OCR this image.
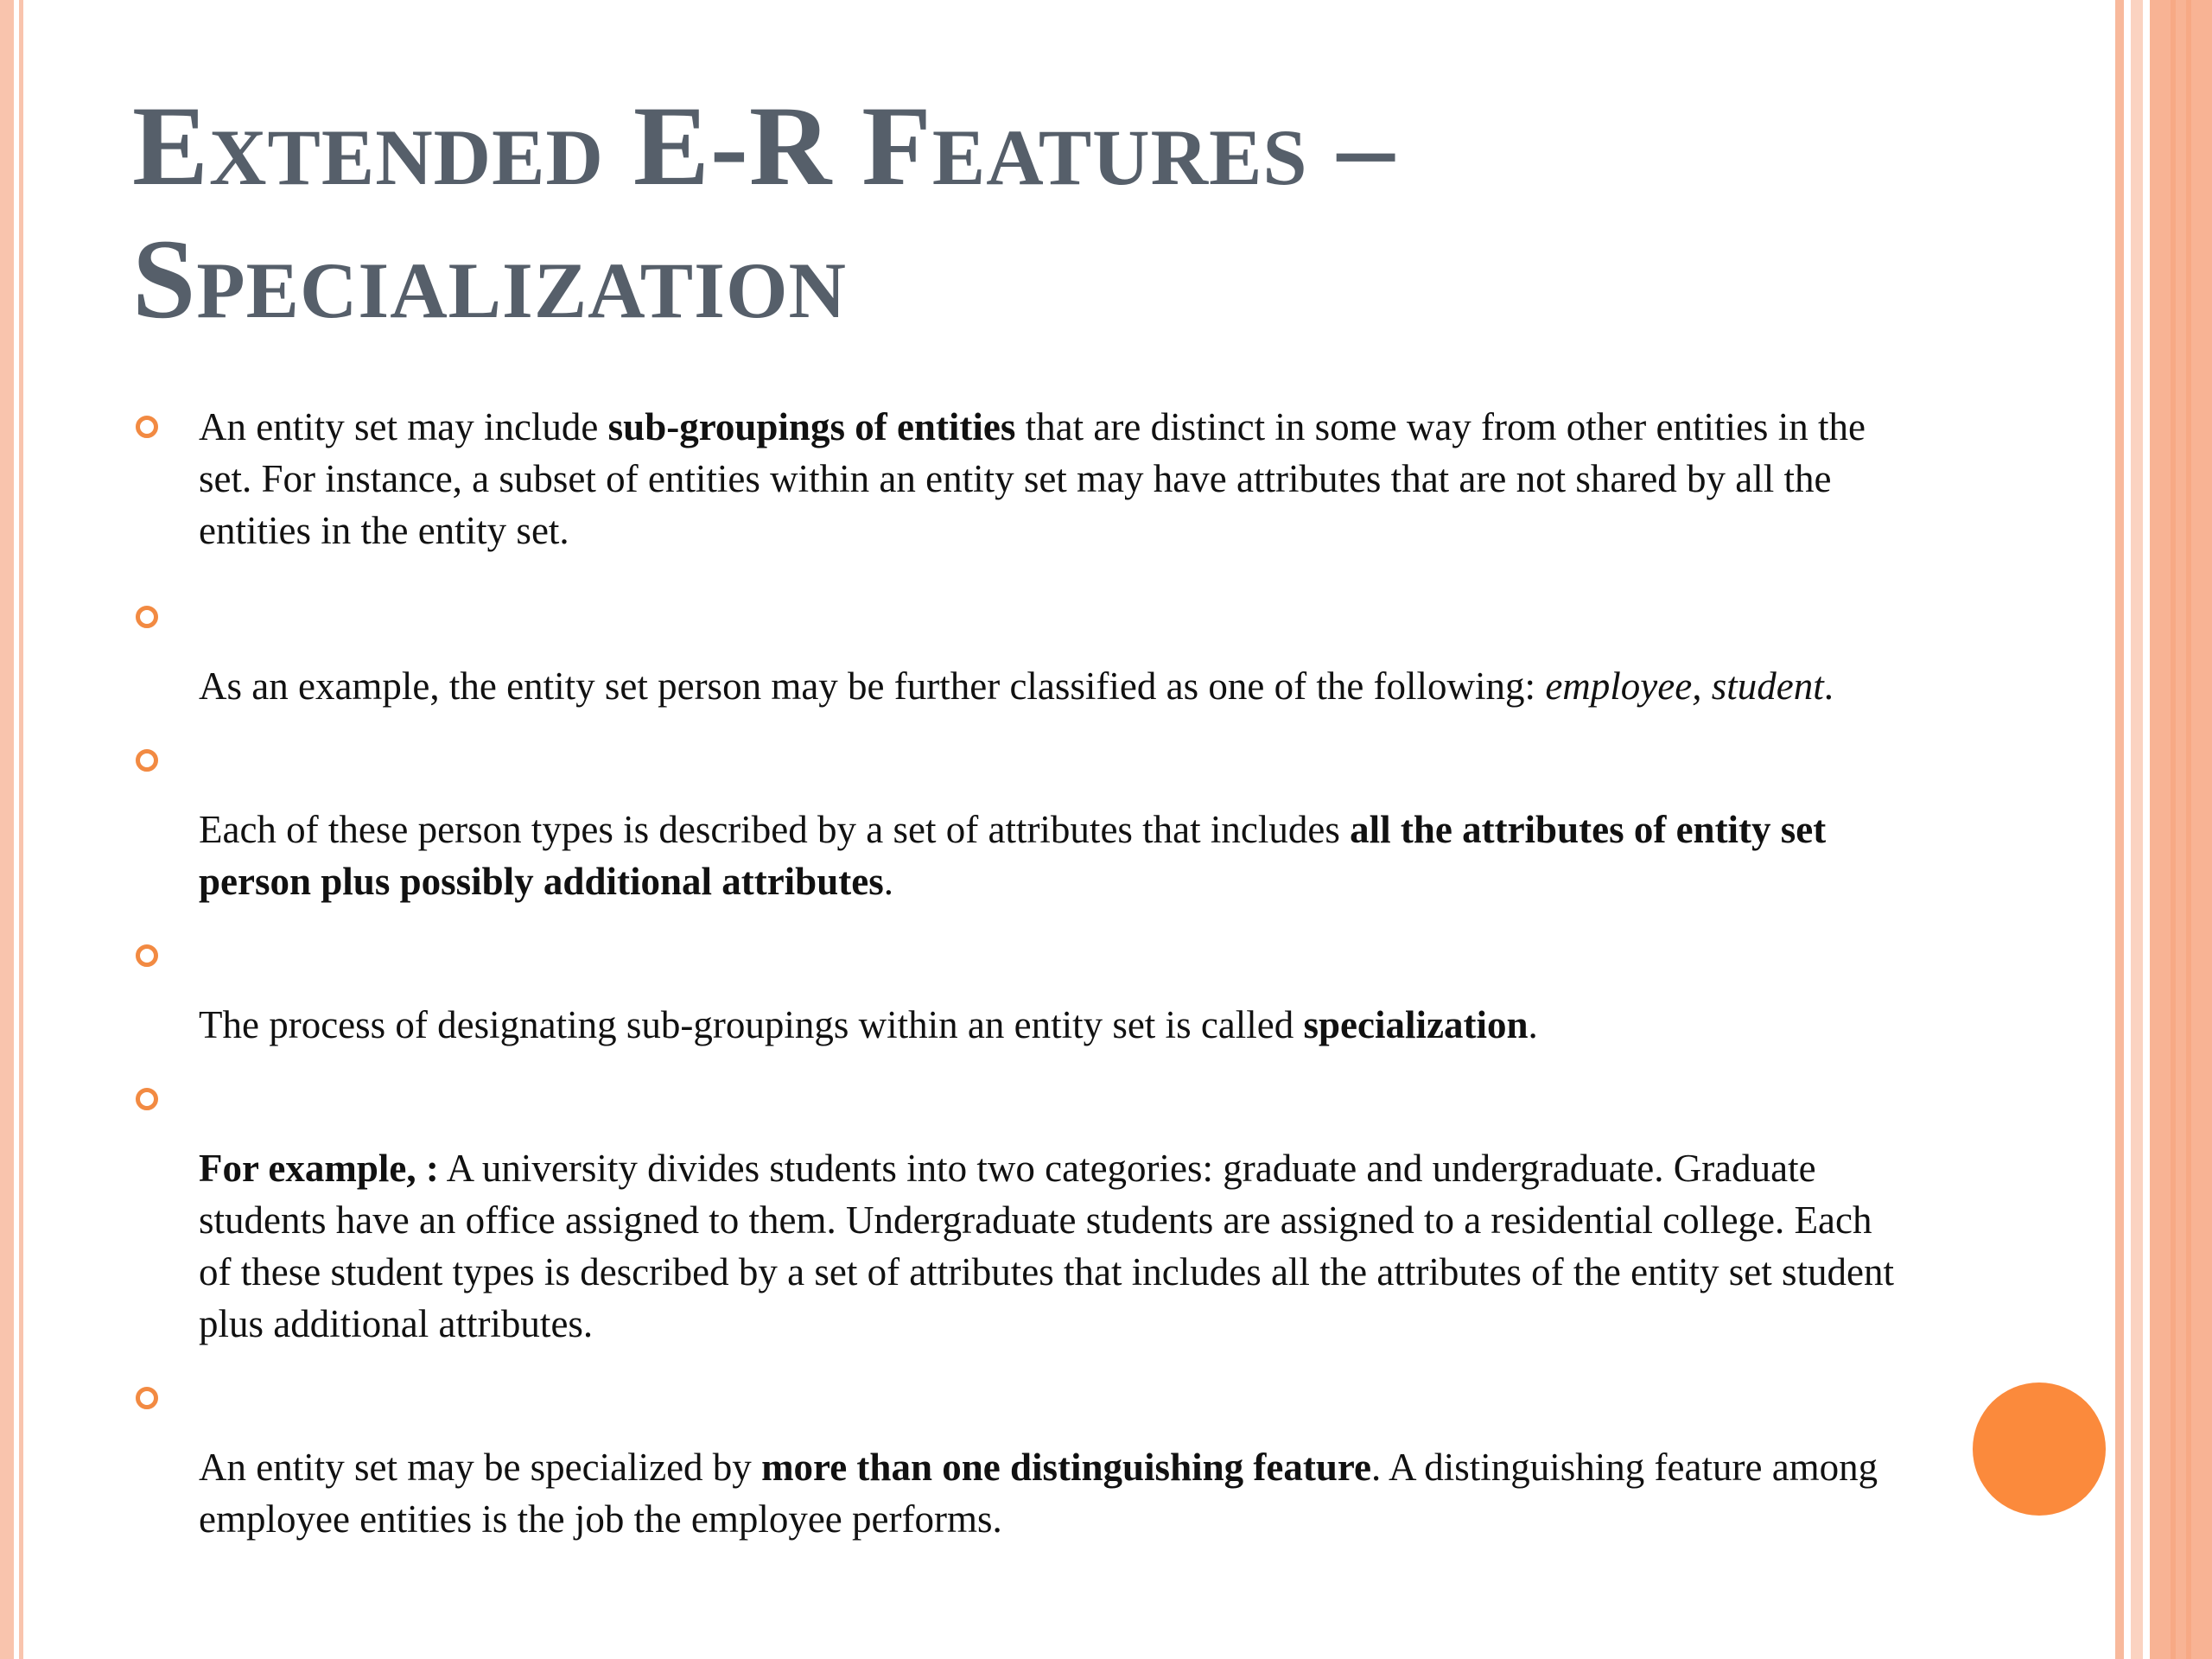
Extended E-R Features –
Specialization

An entity set may include sub-groupings of entities that are distinct in some way from other entities in the set. For instance, a subset of entities within an entity set may have attributes that are not shared by all the entities in the entity set.

As an example, the entity set person may be further classified as one of the following: employee, student.

Each of these person types is described by a set of attributes that includes all the attributes of entity set person plus possibly additional attributes.

The process of designating sub-groupings within an entity set is called specialization.

For example, : A university divides students into two categories: graduate and undergraduate. Graduate students have an office assigned to them. Undergraduate students are assigned to a residential college. Each of these student types is described by a set of attributes that includes all the attributes of the entity set student plus additional attributes.

An entity set may be specialized by more than one distinguishing feature. A distinguishing feature among employee entities is the job the employee performs.
